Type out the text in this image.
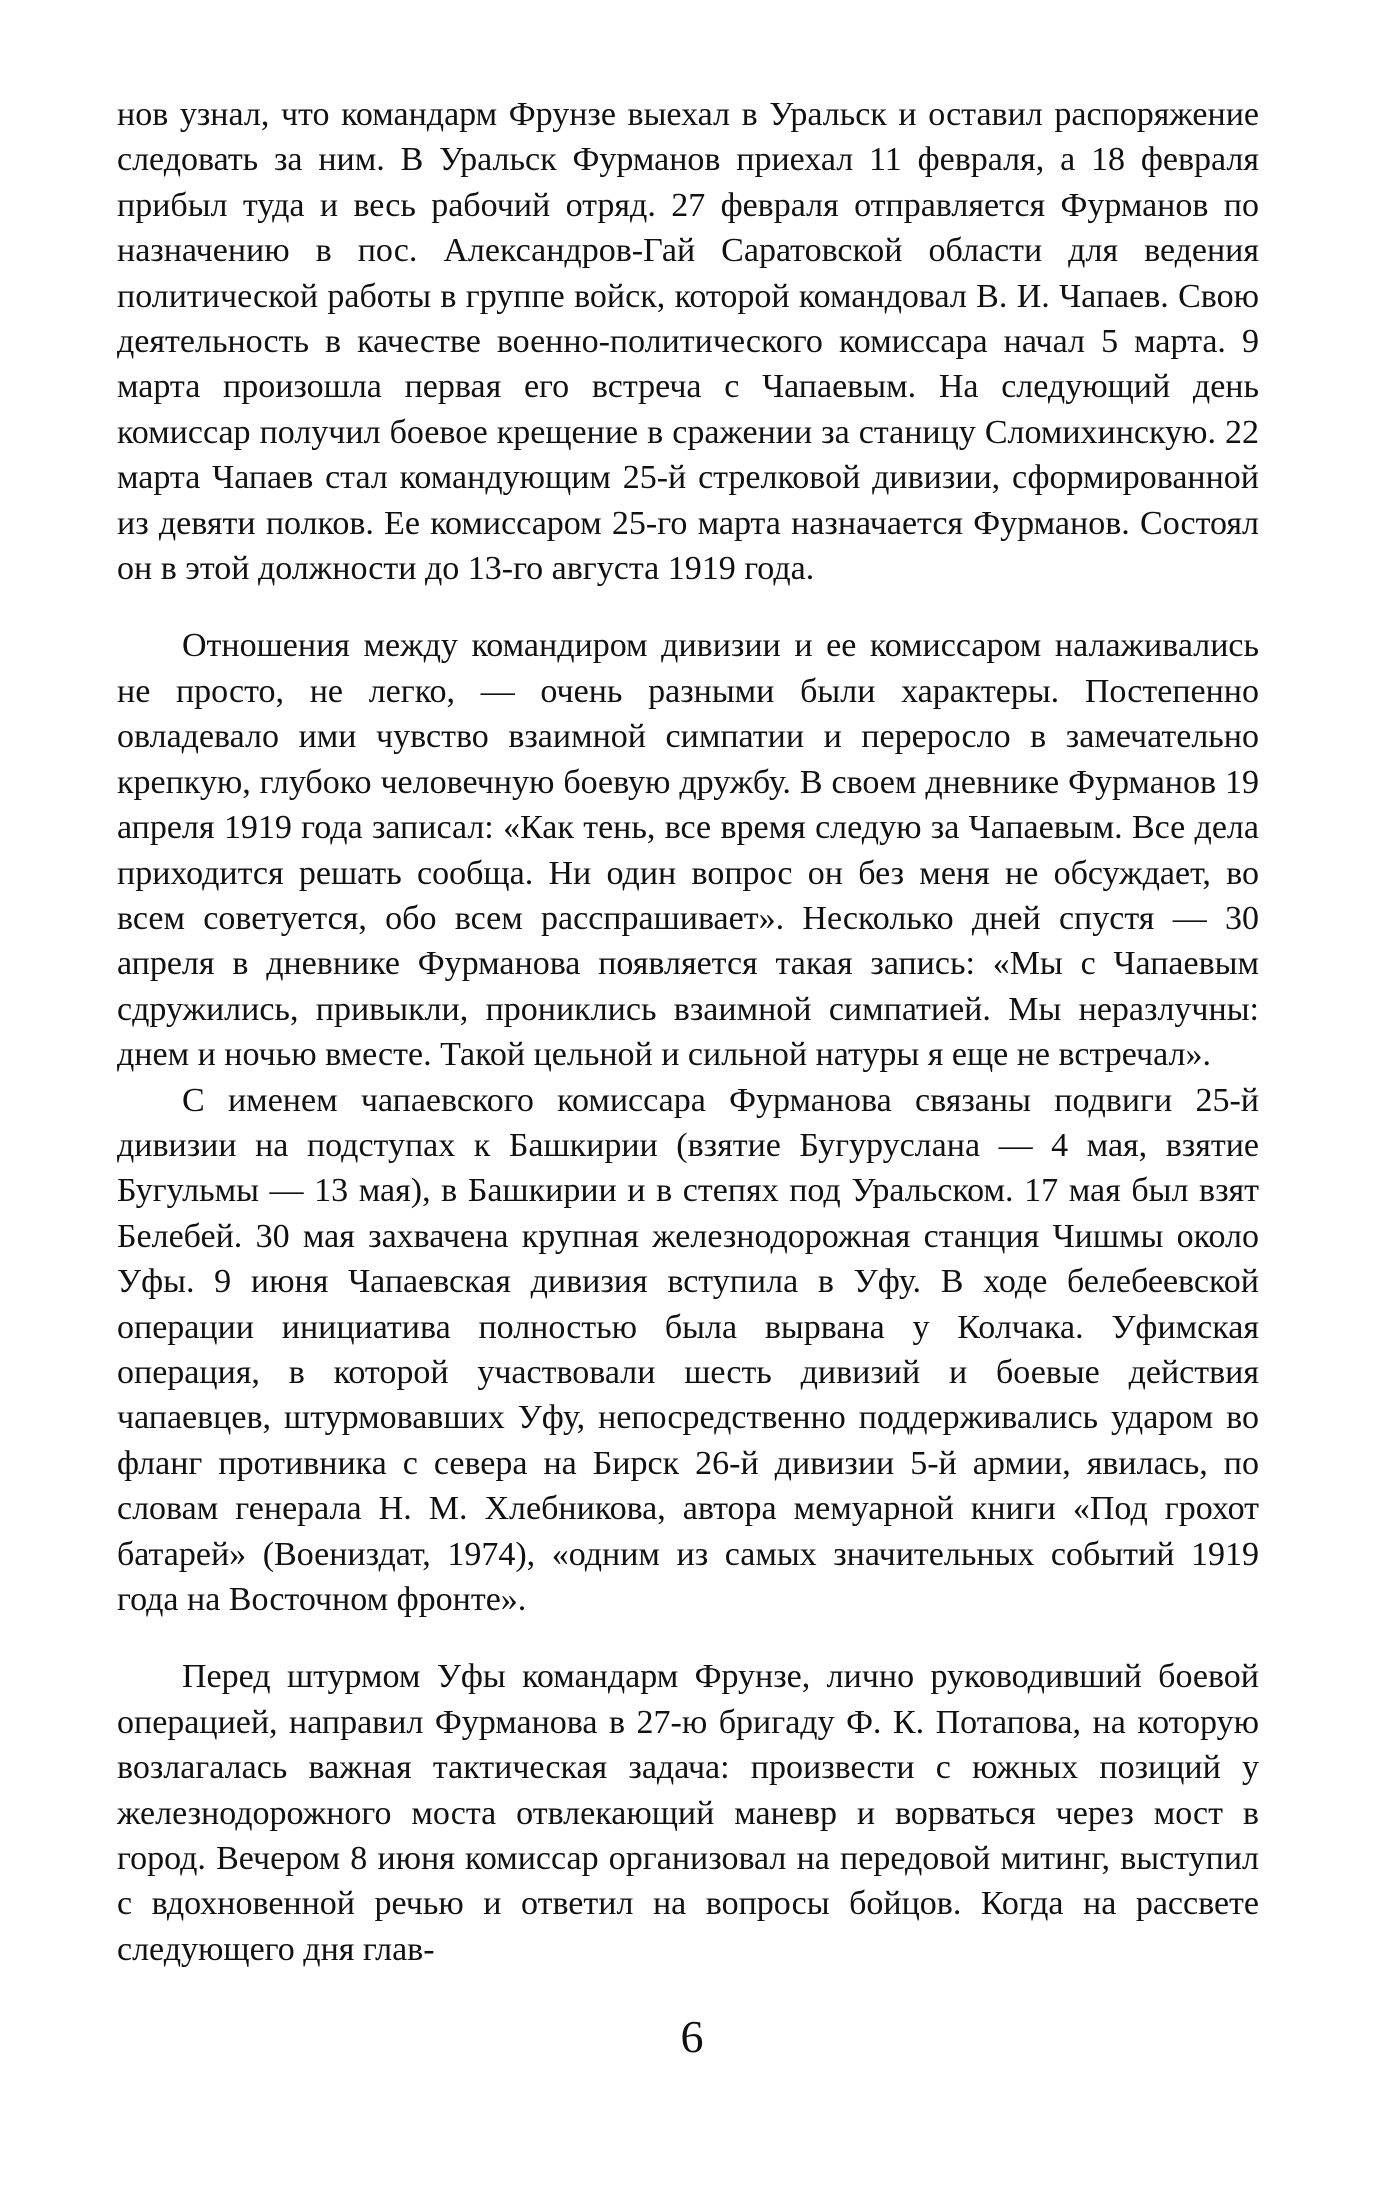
нов узнал, что командарм Фрунзе выехал в Уральск и оставил распоряжение следовать за ним. В Уральск Фурманов приехал 11 февраля, а 18 февраля прибыл туда и весь рабочий отряд. 27 февраля отправляется Фурманов по назначению в пос. Александров-Гай Саратовской области для ведения политической работы в группе войск, которой командовал В. И. Чапаев. Свою деятельность в качестве военно-политического комиссара начал 5 марта. 9 марта произошла первая его встреча с Чапаевым. На следующий день комиссар получил боевое крещение в сражении за станицу Сломихинскую. 22 марта Чапаев стал командующим 25-й стрелковой дивизии, сформированной из девяти полков. Ее комиссаром 25-го марта назначается Фурманов. Состоял он в этой должности до 13-го августа 1919 года.

Отношения между командиром дивизии и ее комиссаром налаживались не просто, не легко, — очень разными были характеры. Постепенно овладевало ими чувство взаимной симпатии и переросло в замечательно крепкую, глубоко человечную боевую дружбу. В своем дневнике Фурманов 19 апреля 1919 года записал: «Как тень, все время следую за Чапаевым. Все дела приходится решать сообща. Ни один вопрос он без меня не обсуждает, во всем советуется, обо всем расспрашивает». Несколько дней спустя — 30 апреля в дневнике Фурманова появляется такая запись: «Мы с Чапаевым сдружились, привыкли, прониклись взаимной симпатией. Мы неразлучны: днем и ночью вместе. Такой цельной и сильной натуры я еще не встречал».

С именем чапаевского комиссара Фурманова связаны подвиги 25-й дивизии на подступах к Башкирии (взятие Бугуруслана — 4 мая, взятие Бугульмы — 13 мая), в Башкирии и в степях под Уральском. 17 мая был взят Белебей. 30 мая захвачена крупная железнодорожная станция Чишмы около Уфы. 9 июня Чапаевская дивизия вступила в Уфу. В ходе белебеевской операции инициатива полностью была вырвана у Колчака. Уфимская операция, в которой участвовали шесть дивизий и боевые действия чапаевцев, штурмовавших Уфу, непосредственно поддерживались ударом во фланг противника с севера на Бирск 26-й дивизии 5-й армии, явилась, по словам генерала Н. М. Хлебникова, автора мемуарной книги «Под грохот батарей» (Воениздат, 1974), «одним из самых значительных событий 1919 года на Восточном фронте».

Перед штурмом Уфы командарм Фрунзе, лично руководивший боевой операцией, направил Фурманова в 27-ю бригаду Ф. К. Потапова, на которую возлагалась важная тактическая задача: произвести с южных позиций у железнодорожного моста отвлекающий маневр и ворваться через мост в город. Вечером 8 июня комиссар организовал на передовой митинг, выступил с вдохновенной речью и ответил на вопросы бойцов. Когда на рассвете следующего дня глав-

6
